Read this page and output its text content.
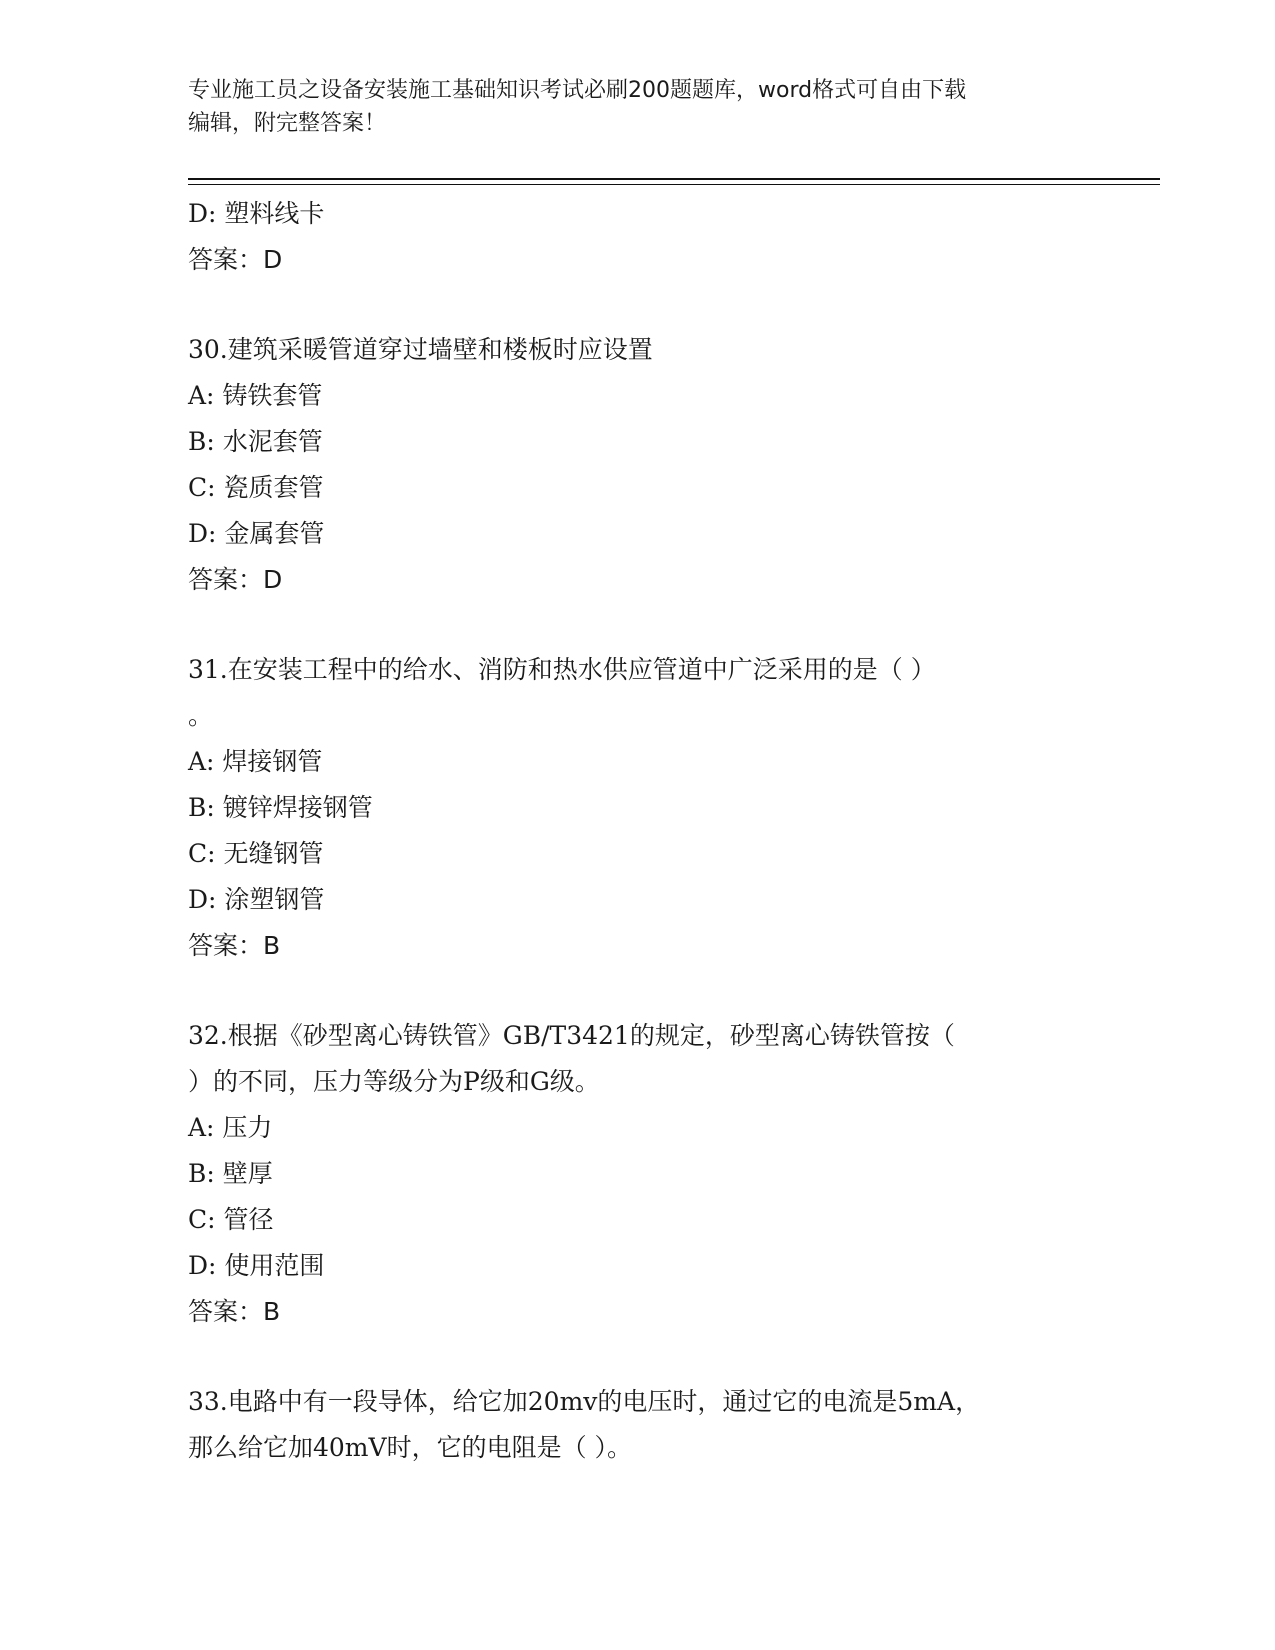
专业施工员之设备安装施工基础知识考试必刷200题题库，word格式可自由下载
编辑，附完整答案！
D: 塑料线卡
答案：D
30.建筑采暖管道穿过墙壁和楼板时应设置
A: 铸铁套管
B: 水泥套管
C: 瓷质套管
D: 金属套管
答案：D
31.在安装工程中的给水、消防和热水供应管道中广泛采用的是（ ）
。
A: 焊接钢管
B: 镀锌焊接钢管
C: 无缝钢管
D: 涂塑钢管
答案：B
32.根据《砂型离心铸铁管》GB/T3421的规定，砂型离心铸铁管按（
）的不同，压力等级分为P级和G级。
A: 压力
B: 壁厚
C: 管径
D: 使用范围
答案：B
33.电路中有一段导体，给它加20mv的电压时，通过它的电流是5mA，
那么给它加40mV时，它的电阻是（ ）。
